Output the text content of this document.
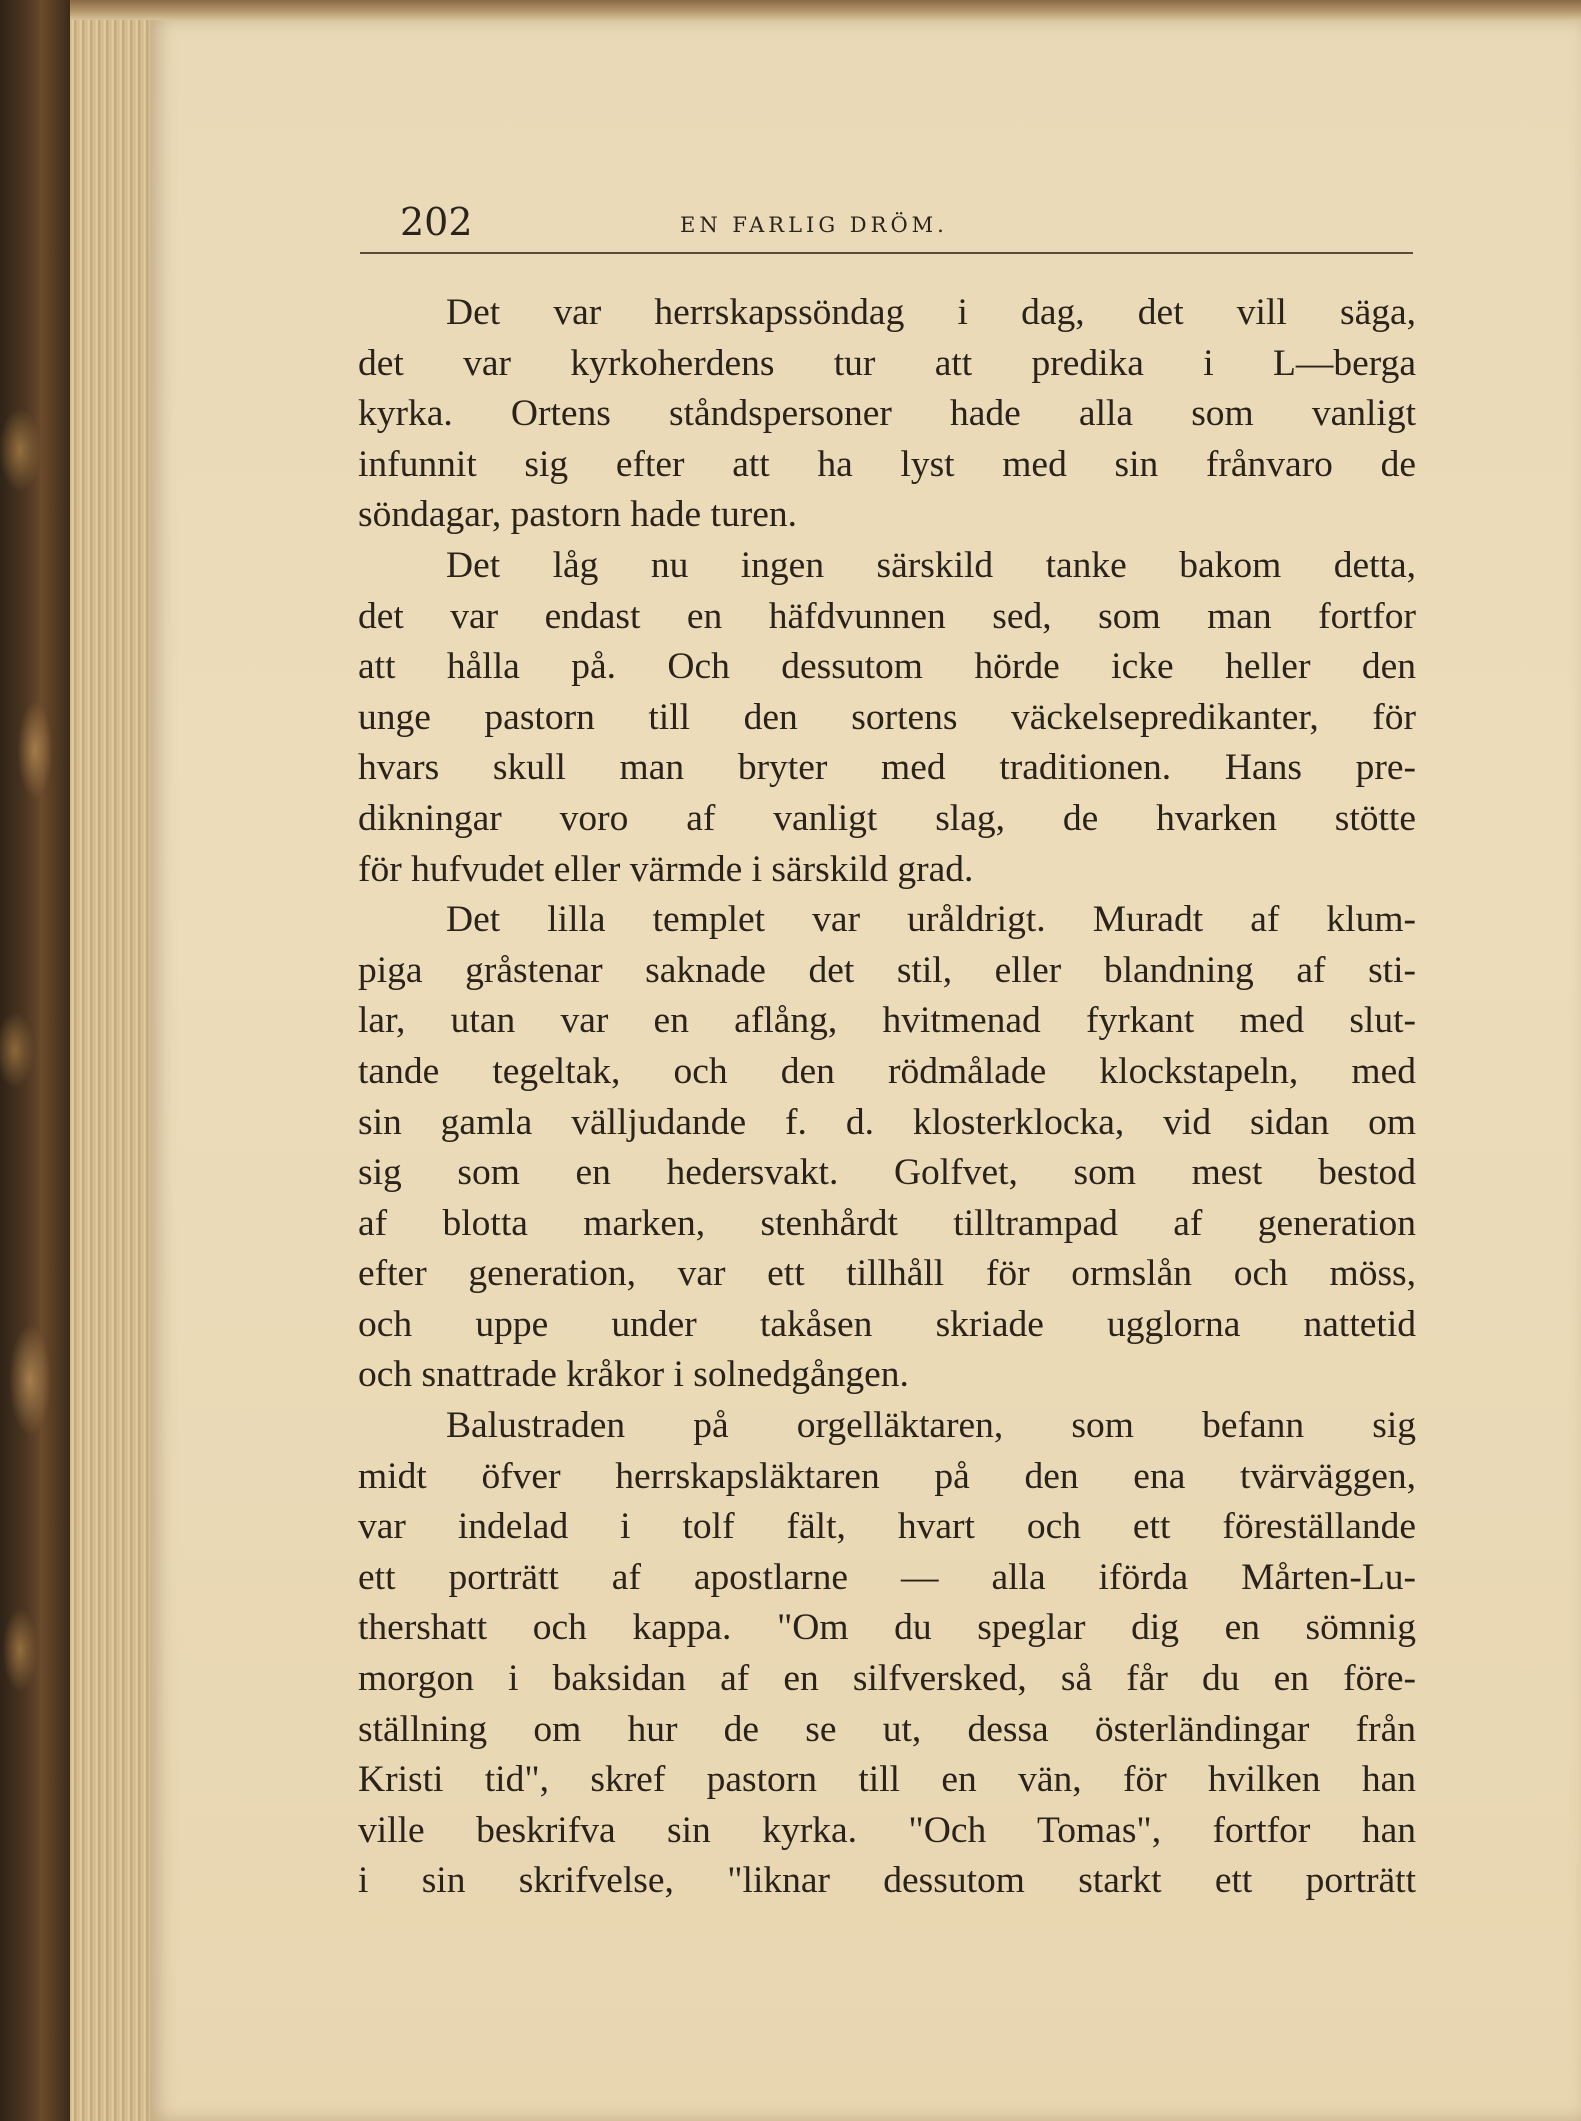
202	EN FARLIG DRÖM.
Det var herrskapssöndag i dag, det vill säga,
det var kyrkoherdens tur att predika i L—berga
kyrka. Ortens ståndspersoner hade alla som vanligt
infunnit sig efter att ha lyst med sin frånvaro de
söndagar, pastorn hade turen.
Det låg nu ingen särskild tanke bakom detta,
det var endast en häfdvunnen sed, som man fortfor
att hålla på. Och dessutom hörde icke heller den
unge pastorn till den sortens väckelsepredikanter, för
hvars skull man bryter med traditionen. Hans pre-
dikningar voro af vanligt slag, de hvarken stötte
för hufvudet eller värmde i särskild grad.
Det lilla templet var uråldrigt. Muradt af klum-
piga gråstenar saknade det stil, eller blandning af sti-
lar, utan var en aflång, hvitmenad fyrkant med slut-
tande tegeltak, och den rödmålade klockstapeln, med
sin gamla välljudande f. d. klosterklocka, vid sidan om
sig som en hedersvakt. Golfvet, som mest bestod
af blotta marken, stenhårdt tilltrampad af generation
efter generation, var ett tillhåll för ormslån och möss,
och uppe under takåsen skriade ugglorna nattetid
och snattrade kråkor i solnedgången.
Balustraden på orgelläktaren, som befann sig
midt öfver herrskapsläktaren på den ena tvärväggen,
var indelad i tolf fält, hvart och ett föreställande
ett porträtt af apostlarne — alla iförda Mårten-Lu-
thershatt och kappa. "Om du speglar dig en sömnig
morgon i baksidan af en silfversked, så får du en före-
ställning om hur de se ut, dessa österländingar från
Kristi tid", skref pastorn till en vän, för hvilken han
ville beskrifva sin kyrka. "Och Tomas", fortfor han
i sin skrifvelse, "liknar dessutom starkt ett porträtt
